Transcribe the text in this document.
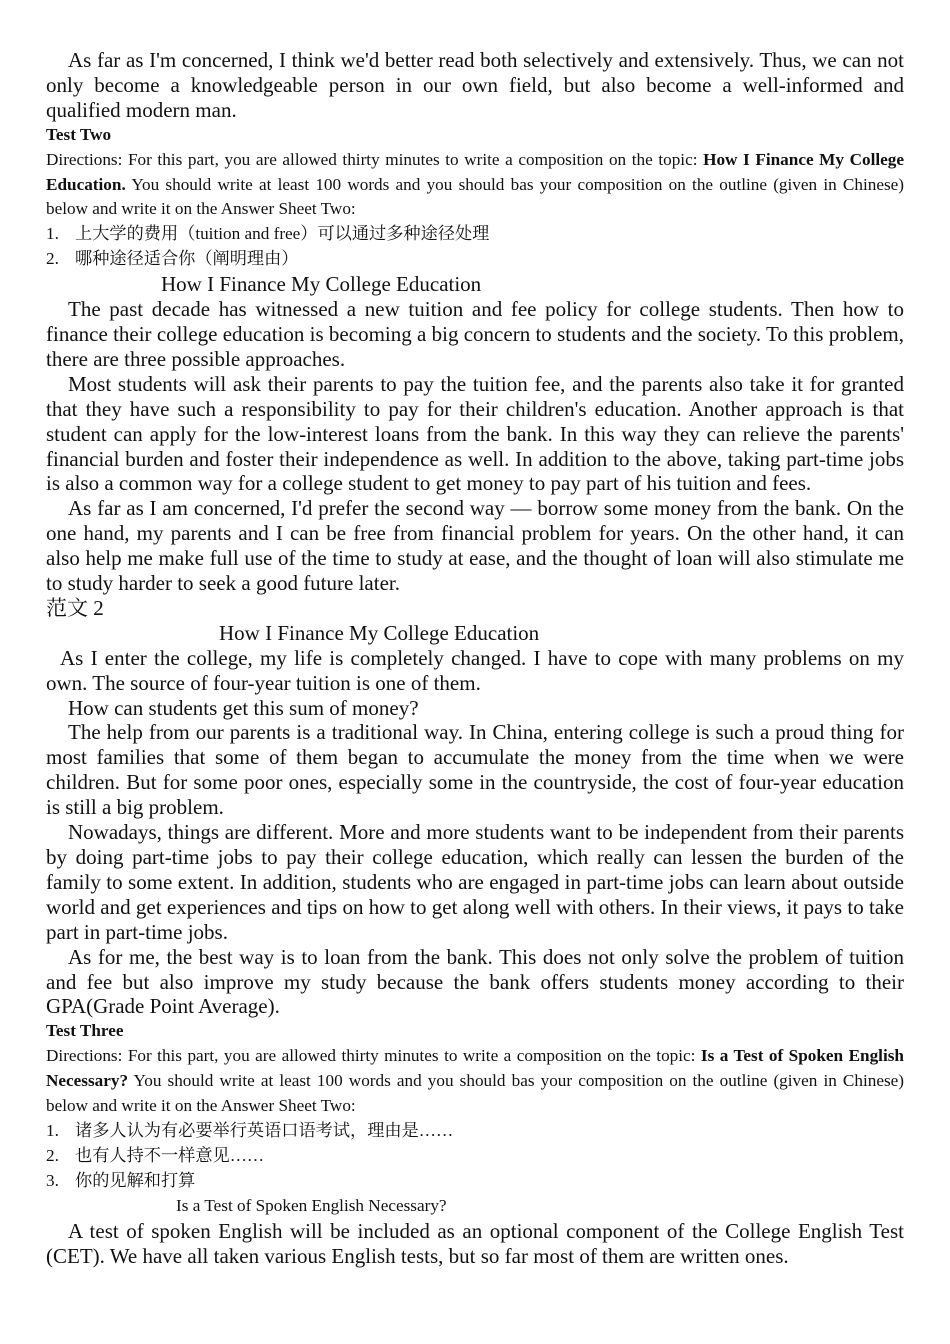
As far as I'm concerned, I think we'd better read both selectively and extensively. Thus, we can not only become a knowledgeable person in our own field, but also become a well-informed and qualified modern man.

Test Two

Directions: For this part, you are allowed thirty minutes to write a composition on the topic: How I Finance My College Education. You should write at least 100 words and you should bas your composition on the outline (given in Chinese) below and write it on the Answer Sheet Two:

1. 上大学的费用（tuition and free）可以通过多种途径处理

2. 哪种途径适合你（阐明理由）

How I Finance My College Education

The past decade has witnessed a new tuition and fee policy for college students. Then how to finance their college education is becoming a big concern to students and the society. To this problem, there are three possible approaches.

Most students will ask their parents to pay the tuition fee, and the parents also take it for granted that they have such a responsibility to pay for their children's education. Another approach is that student can apply for the low-interest loans from the bank. In this way they can relieve the parents' financial burden and foster their independence as well. In addition to the above, taking part-time jobs is also a common way for a college student to get money to pay part of his tuition and fees.

As far as I am concerned, I'd prefer the second way — borrow some money from the bank. On the one hand, my parents and I can be free from financial problem for years. On the other hand, it can also help me make full use of the time to study at ease, and the thought of loan will also stimulate me to study harder to seek a good future later.

范文 2

How I Finance My College Education

As I enter the college, my life is completely changed. I have to cope with many problems on my own. The source of four-year tuition is one of them.

How can students get this sum of money?

The help from our parents is a traditional way. In China, entering college is such a proud thing for most families that some of them began to accumulate the money from the time when we were children. But for some poor ones, especially some in the countryside, the cost of four-year education is still a big problem.

Nowadays, things are different. More and more students want to be independent from their parents by doing part-time jobs to pay their college education, which really can lessen the burden of the family to some extent. In addition, students who are engaged in part-time jobs can learn about outside world and get experiences and tips on how to get along well with others. In their views, it pays to take part in part-time jobs.

As for me, the best way is to loan from the bank. This does not only solve the problem of tuition and fee but also improve my study because the bank offers students money according to their GPA(Grade Point Average).

Test Three

Directions: For this part, you are allowed thirty minutes to write a composition on the topic: Is a Test of Spoken English Necessary? You should write at least 100 words and you should bas your composition on the outline (given in Chinese) below and write it on the Answer Sheet Two:

1. 诸多人认为有必要举行英语口语考试，理由是……

2. 也有人持不一样意见……

3. 你的见解和打算

Is a Test of Spoken English Necessary?

A test of spoken English will be included as an optional component of the College English Test (CET). We have all taken various English tests, but so far most of them are written ones.
